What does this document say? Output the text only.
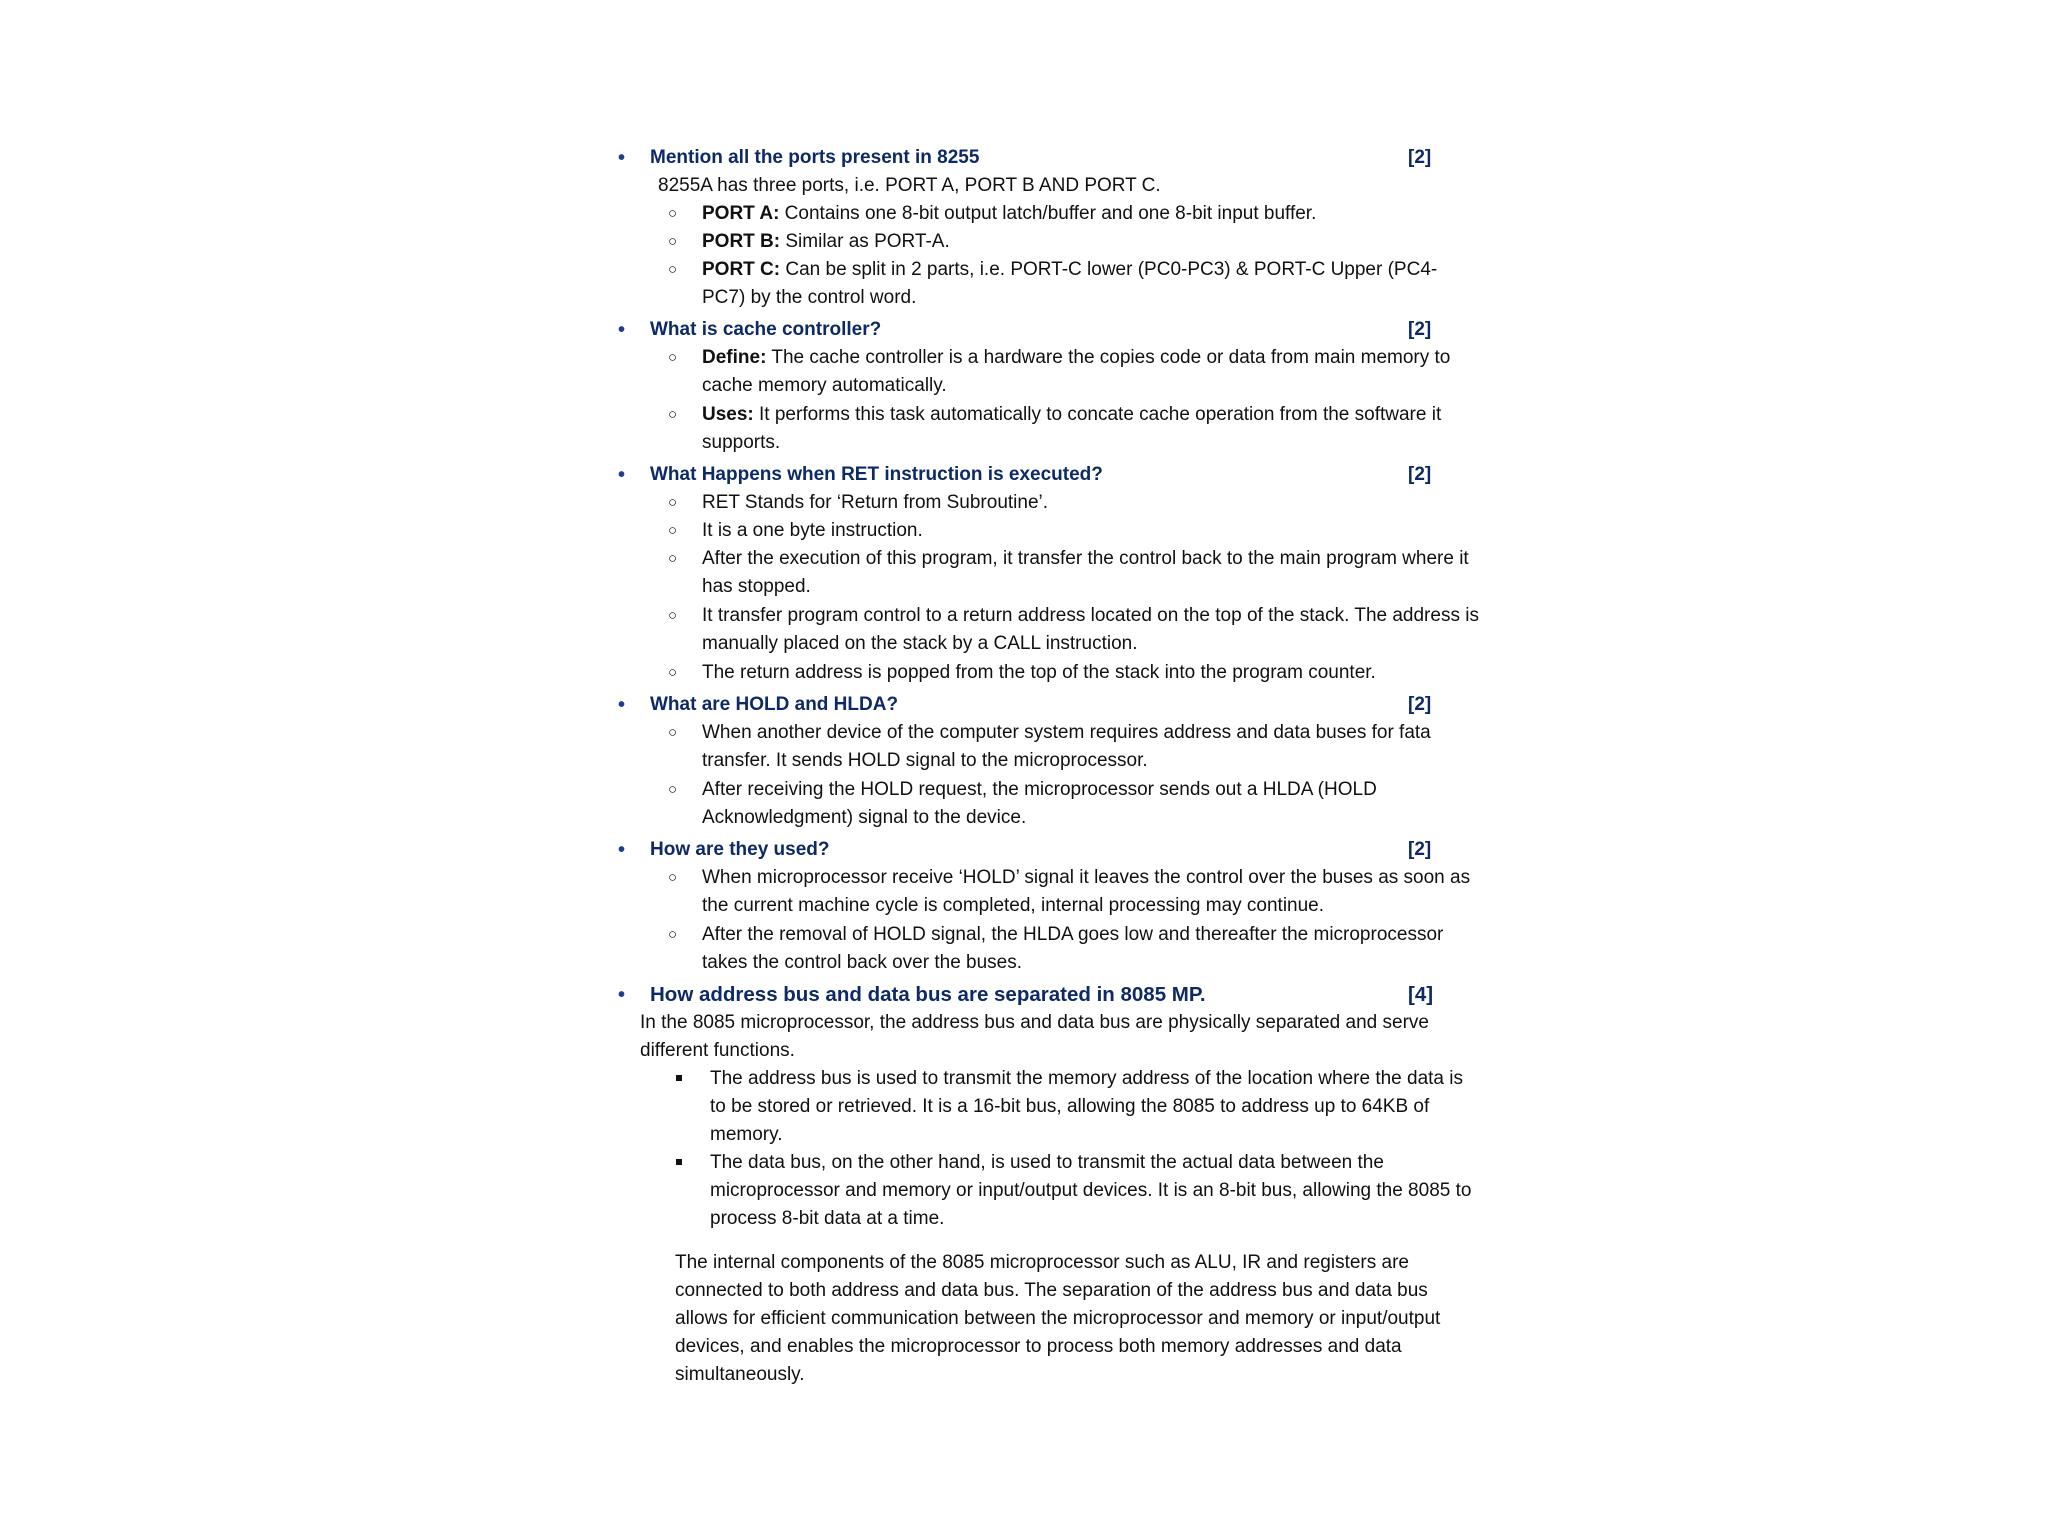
• Mention all the ports present in 8255	[2]
8255A has three ports, i.e. PORT A, PORT B AND PORT C.
○ PORT A: Contains one 8-bit output latch/buffer and one 8-bit input buffer.
○ PORT B: Similar as PORT-A.
○ PORT C: Can be split in 2 parts, i.e. PORT-C lower (PC0-PC3) & PORT-C Upper (PC4-PC7) by the control word.
• What is cache controller?	[2]
○ Define: The cache controller is a hardware the copies code or data from main memory to cache memory automatically.
○ Uses: It performs this task automatically to concate cache operation from the software it supports.
• What Happens when RET instruction is executed?	[2]
○ RET Stands for ‘Return from Subroutine’.
○ It is a one byte instruction.
○ After the execution of this program, it transfer the control back to the main program where it has stopped.
○ It transfer program control to a return address located on the top of the stack. The address is manually placed on the stack by a CALL instruction.
○ The return address is popped from the top of the stack into the program counter.
• What are HOLD and HLDA?	[2]
○ When another device of the computer system requires address and data buses for fata transfer. It sends HOLD signal to the microprocessor.
○ After receiving the HOLD request, the microprocessor sends out a HLDA (HOLD Acknowledgment) signal to the device.
• How are they used?	[2]
○ When microprocessor receive ‘HOLD’ signal it leaves the control over the buses as soon as the current machine cycle is completed, internal processing may continue.
○ After the removal of HOLD signal, the HLDA goes low and thereafter the microprocessor takes the control back over the buses.
• How address bus and data bus are separated in 8085 MP.	[4]
In the 8085 microprocessor, the address bus and data bus are physically separated and serve different functions.
The address bus is used to transmit the memory address of the location where the data is to be stored or retrieved. It is a 16-bit bus, allowing the 8085 to address up to 64KB of memory.
The data bus, on the other hand, is used to transmit the actual data between the microprocessor and memory or input/output devices. It is an 8-bit bus, allowing the 8085 to process 8-bit data at a time.
The internal components of the 8085 microprocessor such as ALU, IR and registers are connected to both address and data bus. The separation of the address bus and data bus allows for efficient communication between the microprocessor and memory or input/output devices, and enables the microprocessor to process both memory addresses and data simultaneously.
